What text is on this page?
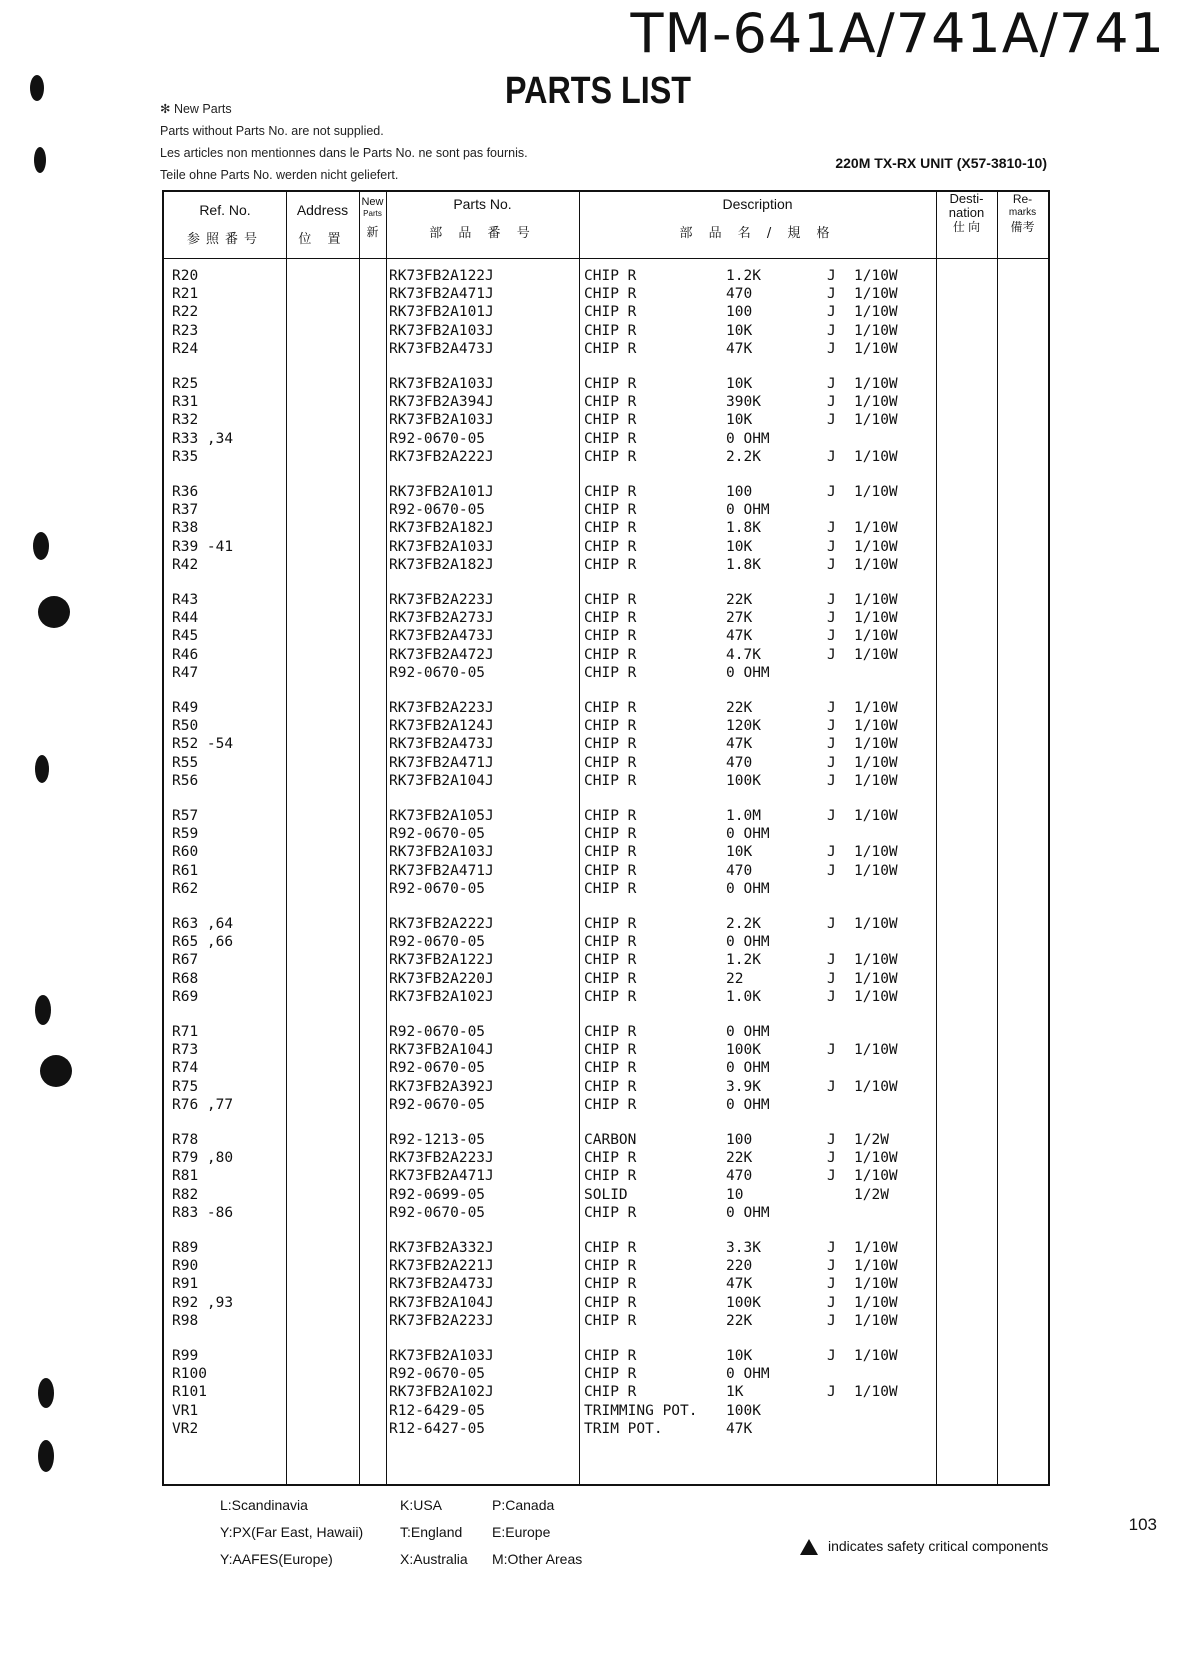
TM-641A/741A/741
PARTS LIST
✻ New Parts
Parts without Parts No. are not supplied.
Les articles non mentionnes dans le Parts No. ne sont pas fournis.
Teile ohne Parts No. werden nicht geliefert.
220M TX-RX UNIT (X57-3810-10)
Ref. No.
参照番号
Address
位 置
New
Parts
新
Parts No.
部 品 番 号
Description
部 品 名 / 規 格
Desti-
nation
仕 向
Re-
marks
備考
R20	RK73FB2A122J	CHIP R	1.2K	J 1/10W
R21	RK73FB2A471J	CHIP R	470	J 1/10W
R22	RK73FB2A101J	CHIP R	100	J 1/10W
R23	RK73FB2A103J	CHIP R	10K	J 1/10W
R24	RK73FB2A473J	CHIP R	47K	J 1/10W
R25	RK73FB2A103J	CHIP R	10K	J 1/10W
R31	RK73FB2A394J	CHIP R	390K	J 1/10W
R32	RK73FB2A103J	CHIP R	10K	J 1/10W
R33 ,34	R92-0670-05	CHIP R	0 OHM
R35	RK73FB2A222J	CHIP R	2.2K	J 1/10W
R36	RK73FB2A101J	CHIP R	100	J 1/10W
R37	R92-0670-05	CHIP R	0 OHM
R38	RK73FB2A182J	CHIP R	1.8K	J 1/10W
R39 -41	RK73FB2A103J	CHIP R	10K	J 1/10W
R42	RK73FB2A182J	CHIP R	1.8K	J 1/10W
R43	RK73FB2A223J	CHIP R	22K	J 1/10W
R44	RK73FB2A273J	CHIP R	27K	J 1/10W
R45	RK73FB2A473J	CHIP R	47K	J 1/10W
R46	RK73FB2A472J	CHIP R	4.7K	J 1/10W
R47	R92-0670-05	CHIP R	0 OHM
R49	RK73FB2A223J	CHIP R	22K	J 1/10W
R50	RK73FB2A124J	CHIP R	120K	J 1/10W
R52 -54	RK73FB2A473J	CHIP R	47K	J 1/10W
R55	RK73FB2A471J	CHIP R	470	J 1/10W
R56	RK73FB2A104J	CHIP R	100K	J 1/10W
R57	RK73FB2A105J	CHIP R	1.0M	J 1/10W
R59	R92-0670-05	CHIP R	0 OHM
R60	RK73FB2A103J	CHIP R	10K	J 1/10W
R61	RK73FB2A471J	CHIP R	470	J 1/10W
R62	R92-0670-05	CHIP R	0 OHM
R63 ,64	RK73FB2A222J	CHIP R	2.2K	J 1/10W
R65 ,66	R92-0670-05	CHIP R	0 OHM
R67	RK73FB2A122J	CHIP R	1.2K	J 1/10W
R68	RK73FB2A220J	CHIP R	22	J 1/10W
R69	RK73FB2A102J	CHIP R	1.0K	J 1/10W
R71	R92-0670-05	CHIP R	0 OHM
R73	RK73FB2A104J	CHIP R	100K	J 1/10W
R74	R92-0670-05	CHIP R	0 OHM
R75	RK73FB2A392J	CHIP R	3.9K	J 1/10W
R76 ,77	R92-0670-05	CHIP R	0 OHM
R78	R92-1213-05	CARBON	100	J 1/2W
R79 ,80	RK73FB2A223J	CHIP R	22K	J 1/10W
R81	RK73FB2A471J	CHIP R	470	J 1/10W
R82	R92-0699-05	SOLID	10	1/2W
R83 -86	R92-0670-05	CHIP R	0 OHM
R89	RK73FB2A332J	CHIP R	3.3K	J 1/10W
R90	RK73FB2A221J	CHIP R	220	J 1/10W
R91	RK73FB2A473J	CHIP R	47K	J 1/10W
R92 ,93	RK73FB2A104J	CHIP R	100K	J 1/10W
R98	RK73FB2A223J	CHIP R	22K	J 1/10W
R99	RK73FB2A103J	CHIP R	10K	J 1/10W
R100	R92-0670-05	CHIP R	0 OHM
R101	RK73FB2A102J	CHIP R	1K	J 1/10W
VR1	R12-6429-05	TRIMMING POT. 100K
VR2	R12-6427-05	TRIM POT.	47K
L:Scandinavia
Y:PX(Far East, Hawaii)
Y:AAFES(Europe)
K:USA
T:England
X:Australia
P:Canada
E:Europe
M:Other Areas
indicates safety critical components
103
